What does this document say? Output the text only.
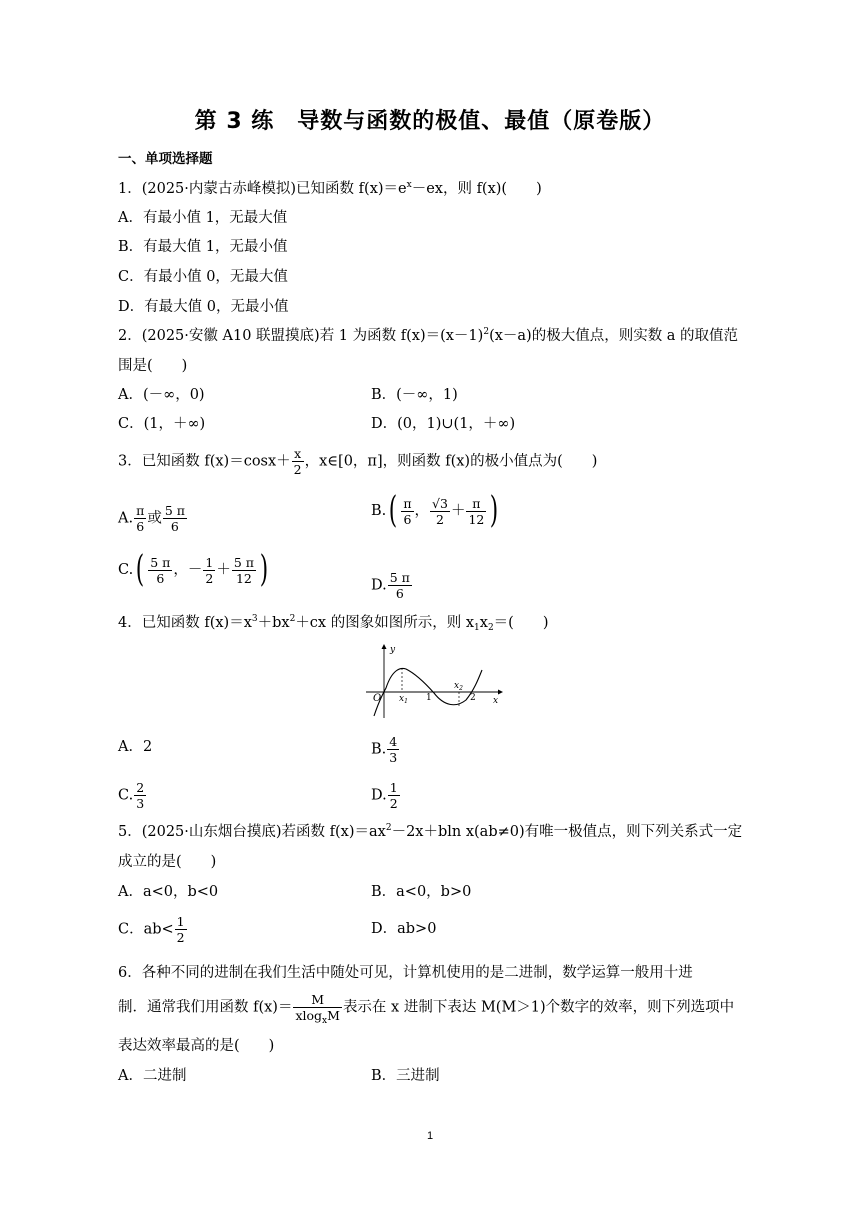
第 3 练　导数与函数的极值、最值（原卷版）
一、单项选择题
1．(2025·内蒙古赤峰模拟)已知函数 $f(x)=e^x-ex$，则 f(x)(　　)
A．有最小值 1，无最大值
B．有最大值 1，无最小值
C．有最小值 0，无最大值
D．有最大值 0，无最小值
2．(2025·安徽 A10 联盟摸底)若 1 为函数 $f(x)=(x-1)^2(x-a)$的极大值点，则实数 a 的取值范
围是(　　)
A．(－∞，0)	B．(－∞，1)
C．(1，＋∞)	D．(0，1)∪(1，＋∞)
3．已知函数 $f(x)=\cos x+ \frac{x}{2}$ ，x∈[0，π]，则函数 f(x)的极小值点为(　　)
A. $\frac{\pi}{6}$ 或 $\frac{5 \pi}{6}$	$B.( \frac{\pi}{6}$ ， $\frac{√3}{2} + \frac{\pi}{12}$ )
$C.( \frac{5 \pi}{6}$ ，－ $\frac{1}{2} + \frac{5 \pi}{12}$ )	D. $\frac{5 \pi}{6}$
4．已知函数 $f(x)=x^3+bx^2+cx$ 的图象如图所示，则 $x_1x_2=$(　　)
y
x
O $x_1$ 1
$x_2$
2
A．2	B. $\frac{4}{3}$
C. $\frac{2}{3}$	D. $\frac{1}{2}$
5．(2025·山东烟台摸底)若函数 $f(x)=ax^2-2x+bln$ x(ab≠0)有唯一极值点，则下列关系式一定
成立的是(　　)
A．a<0，b<0	B．a<0，b>0
C．$ab< \frac{1}{2}$	D．ab>0
6．各种不同的进制在我们生活中随处可见，计算机使用的是二进制，数学运算一般用十进
制．通常我们用函数 $f(x)= \frac{M}{xlog_xM}$ 表示在 x 进制下表达 M(M＞1)个数字的效率，则下列选项中
表达效率最高的是(　　)
A．二进制	B．三进制
1
